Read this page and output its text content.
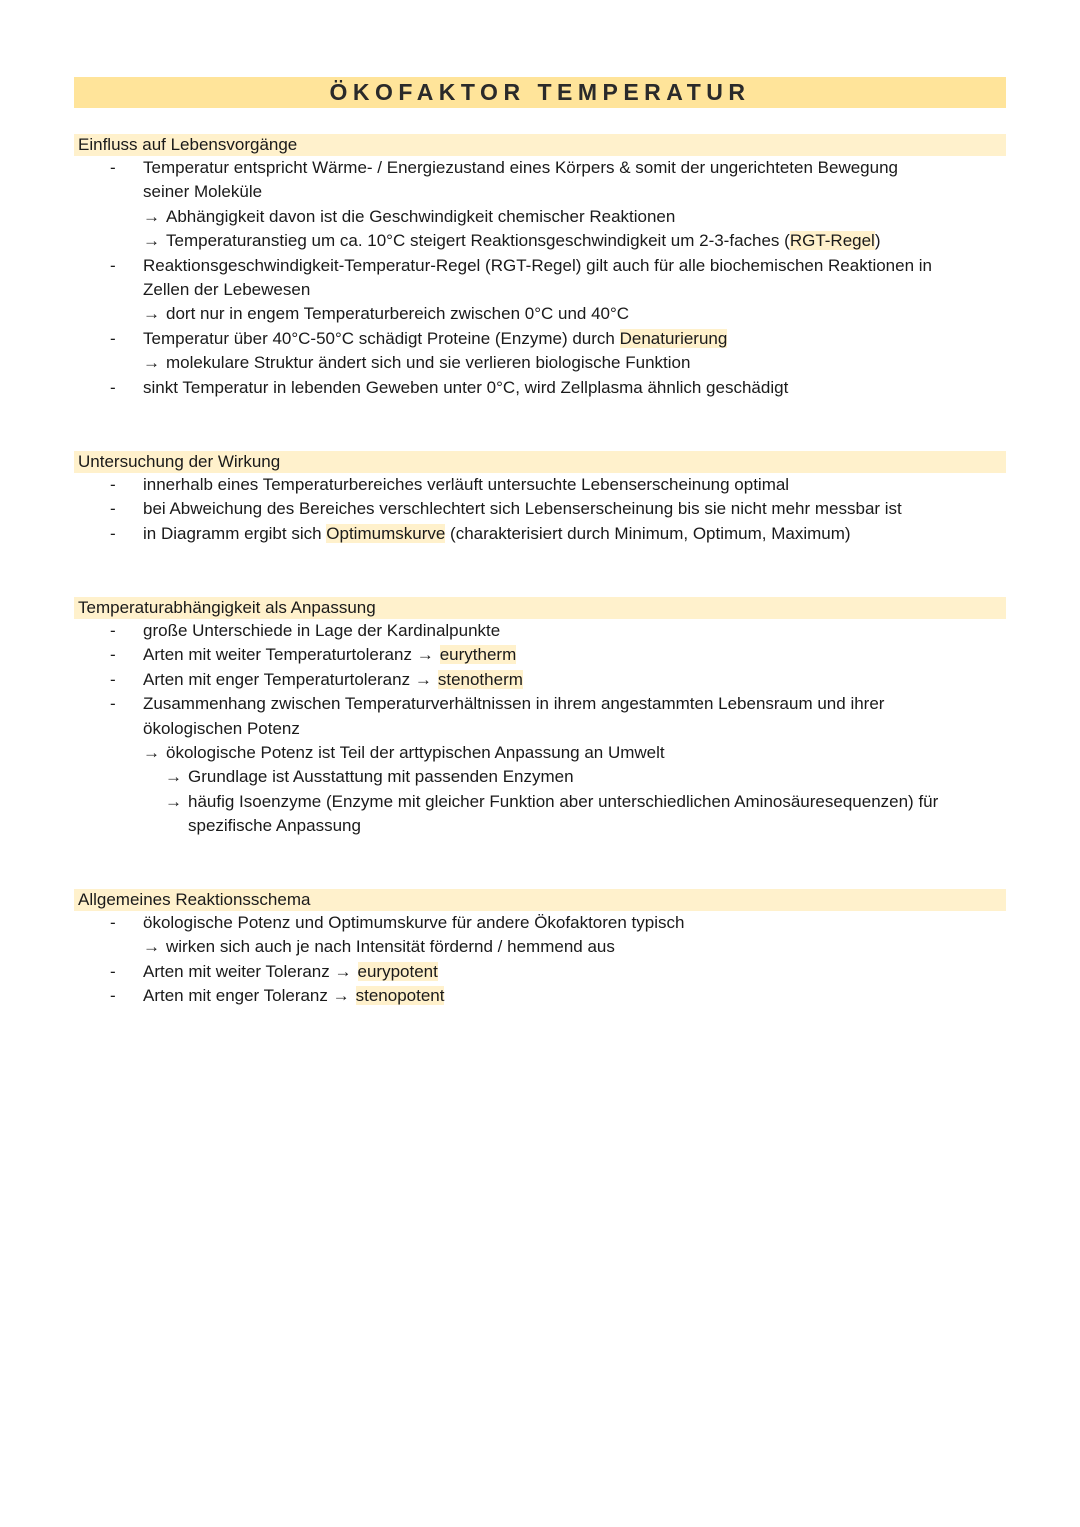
ÖKOFAKTOR TEMPERATUR
Einfluss auf Lebensvorgänge
- Temperatur entspricht Wärme- / Energiezustand eines Körpers & somit der ungerichteten Bewegung
seiner Moleküle
→ Abhängigkeit davon ist die Geschwindigkeit chemischer Reaktionen
→ Temperaturanstieg um ca. 10°C steigert Reaktionsgeschwindigkeit um 2-3-faches (RGT-Regel)
- Reaktionsgeschwindigkeit-Temperatur-Regel (RGT-Regel) gilt auch für alle biochemischen Reaktionen in
Zellen der Lebewesen
→ dort nur in engem Temperaturbereich zwischen 0°C und 40°C
- Temperatur über 40°C-50°C schädigt Proteine (Enzyme) durch Denaturierung
→ molekulare Struktur ändert sich und sie verlieren biologische Funktion
- sinkt Temperatur in lebenden Geweben unter 0°C, wird Zellplasma ähnlich geschädigt
Untersuchung der Wirkung
- innerhalb eines Temperaturbereiches verläuft untersuchte Lebenserscheinung optimal
- bei Abweichung des Bereiches verschlechtert sich Lebenserscheinung bis sie nicht mehr messbar ist
- in Diagramm ergibt sich Optimumskurve (charakterisiert durch Minimum, Optimum, Maximum)
Temperaturabhängigkeit als Anpassung
- große Unterschiede in Lage der Kardinalpunkte
- Arten mit weiter Temperaturtoleranz → eurytherm
- Arten mit enger Temperaturtoleranz → stenotherm
- Zusammenhang zwischen Temperaturverhältnissen in ihrem angestammten Lebensraum und ihrer
ökologischen Potenz
→ ökologische Potenz ist Teil der arttypischen Anpassung an Umwelt
→ Grundlage ist Ausstattung mit passenden Enzymen
→ häufig Isoenzyme (Enzyme mit gleicher Funktion aber unterschiedlichen Aminosäuresequenzen) für
spezifische Anpassung
Allgemeines Reaktionsschema
- ökologische Potenz und Optimumskurve für andere Ökofaktoren typisch
→ wirken sich auch je nach Intensität fördernd / hemmend aus
- Arten mit weiter Toleranz → eurypotent
- Arten mit enger Toleranz → stenopotent
